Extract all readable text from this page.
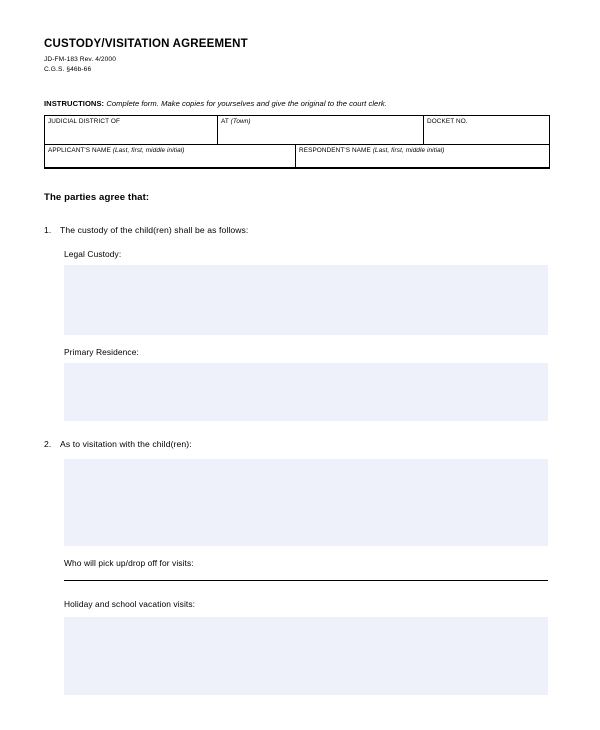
CUSTODY/VISITATION AGREEMENT
JD-FM-183 Rev. 4/2000
C.G.S. §46b-66
INSTRUCTIONS: Complete form. Make copies for yourselves and give the original to the court clerk.
JUDICIAL DISTRICT OF	AT (Town)	DOCKET NO.
APPLICANT'S NAME (Last, first, middle initial)	RESPONDENT'S NAME (Last, first, middle initial)
The parties agree that:
1. The custody of the child(ren) shall be as follows:
Legal Custody:
Primary Residence:
2. As to visitation with the child(ren):
Who will pick up/drop off for visits:
Holiday and school vacation visits:
